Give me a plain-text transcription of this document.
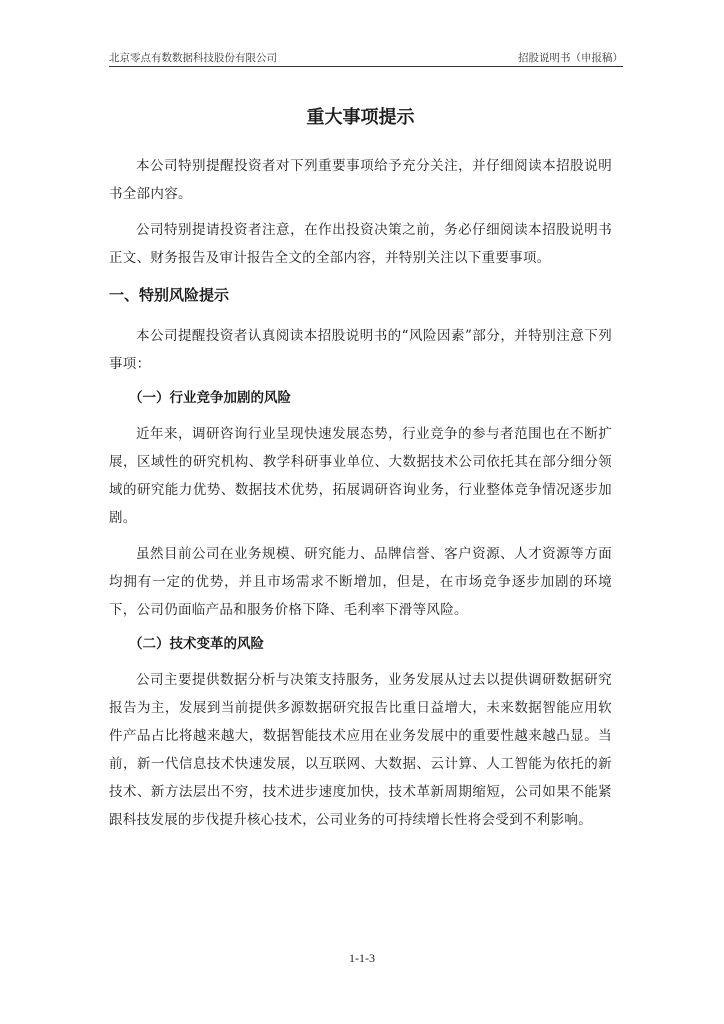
北京零点有数数据科技股份有限公司	招股说明书（申报稿）
重大事项提示

本公司特别提醒投资者对下列重要事项给予充分关注，并仔细阅读本招股说明书全部内容。

公司特别提请投资者注意，在作出投资决策之前，务必仔细阅读本招股说明书正文、财务报告及审计报告全文的全部内容，并特别关注以下重要事项。

一、特别风险提示

本公司提醒投资者认真阅读本招股说明书的“风险因素”部分，并特别注意下列事项：

（一）行业竞争加剧的风险

近年来，调研咨询行业呈现快速发展态势，行业竞争的参与者范围也在不断扩展，区域性的研究机构、教学科研事业单位、大数据技术公司依托其在部分细分领域的研究能力优势、数据技术优势，拓展调研咨询业务，行业整体竞争情况逐步加剧。

虽然目前公司在业务规模、研究能力、品牌信誉、客户资源、人才资源等方面均拥有一定的优势，并且市场需求不断增加，但是，在市场竞争逐步加剧的环境下，公司仍面临产品和服务价格下降、毛利率下滑等风险。

（二）技术变革的风险

公司主要提供数据分析与决策支持服务，业务发展从过去以提供调研数据研究报告为主，发展到当前提供多源数据研究报告比重日益增大，未来数据智能应用软件产品占比将越来越大，数据智能技术应用在业务发展中的重要性越来越凸显。当前，新一代信息技术快速发展，以互联网、大数据、云计算、人工智能为依托的新技术、新方法层出不穷，技术进步速度加快，技术革新周期缩短，公司如果不能紧跟科技发展的步伐提升核心技术，公司业务的可持续增长性将会受到不利影响。

1-1-3
